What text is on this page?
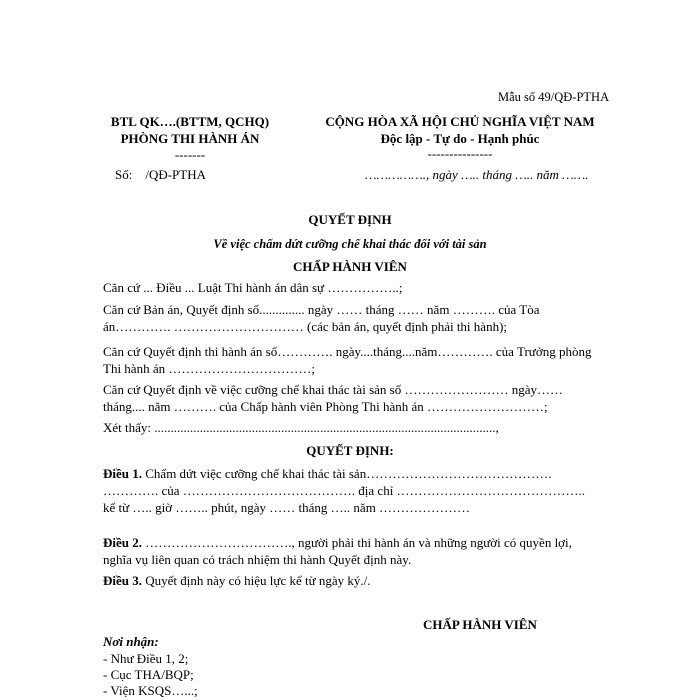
Mẫu số 49/QĐ-PTHA
BTL QK….(BTTM, QCHQ)
PHÒNG THI HÀNH ÁN
-------
CỘNG HÒA XÃ HỘI CHỦ NGHĨA VIỆT NAM
Độc lập - Tự do - Hạnh phúc
---------------
Số:    /QĐ-PTHA	……………., ngày ….. tháng ….. năm …….
QUYẾT ĐỊNH
Về việc chấm dứt cưỡng chế khai thác đối với tài sản
CHẤP HÀNH VIÊN
Căn cứ ... Điều ... Luật Thi hành án dân sự ……………..;
Căn cứ Bản án, Quyết định số.............. ngày …… tháng …… năm ………. của Tòa án…………. ………………………… (các bản án, quyết định phải thi hành);
Căn cứ Quyết định thi hành án số…………. ngày....tháng....năm…………. của Trưởng phòng Thi hành án ……………………………;
Căn cứ Quyết định về việc cưỡng chế khai thác tài sản số …………………… ngày…… tháng.... năm ………. của Chấp hành viên Phòng Thi hành án ………………………;
Xét thấy: .........................................................................................................,
QUYẾT ĐỊNH:
Điều 1. Chấm dứt việc cưỡng chế khai thác tài sản……………………………………. …………. của …………………………………. địa chỉ …………………………………….. kể từ ….. giờ …….. phút, ngày …… tháng ….. năm …………………
Điều 2. ……………………………., người phải thi hành án và những người có quyền lợi, nghĩa vụ liên quan có trách nhiệm thi hành Quyết định này.
Điều 3. Quyết định này có hiệu lực kể từ ngày ký./.
CHẤP HÀNH VIÊN
Nơi nhận:
- Như Điều 1, 2;
- Cục THA/BQP;
- Viện KSQS…...;
